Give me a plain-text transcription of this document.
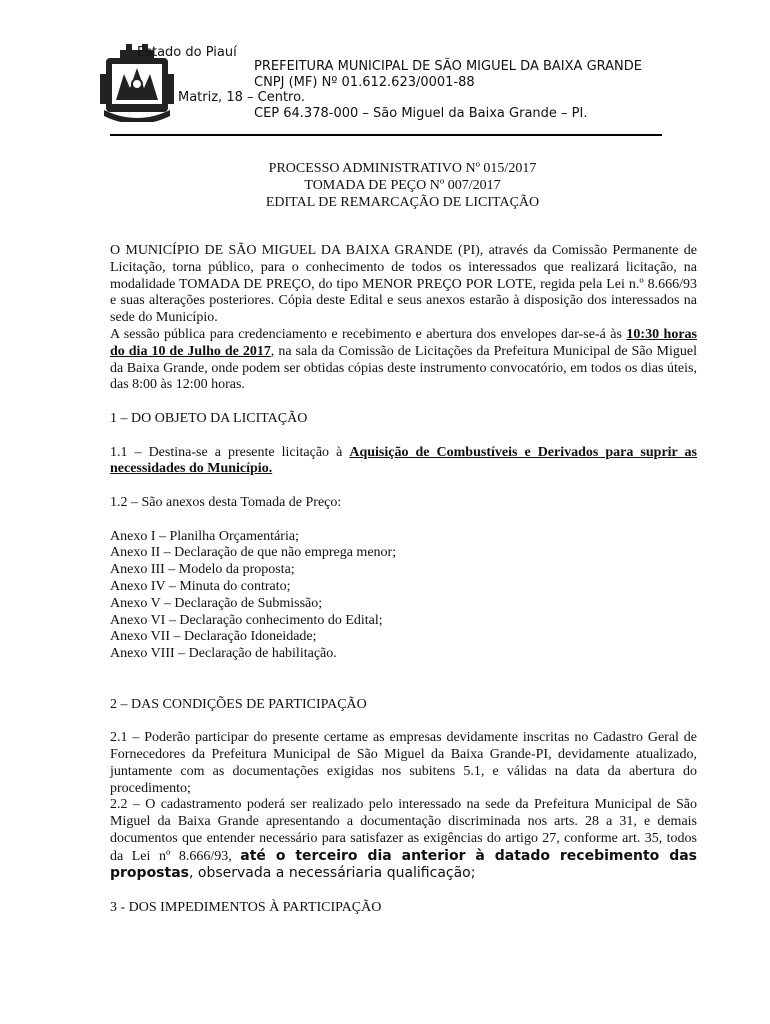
Estado do Piauí
PREFEITURA MUNICIPAL DE SÃO MIGUEL DA BAIXA GRANDE
CNPJ (MF) Nº 01.612.623/0001-88
Matriz, 18 – Centro.
CEP 64.378-000 – São Miguel da Baixa Grande – PI.
PROCESSO ADMINISTRATIVO Nº 015/2017
TOMADA DE PEÇO Nº 007/2017
EDITAL DE REMARCAÇÃO DE LICITAÇÃO

O MUNICÍPIO DE SÃO MIGUEL DA BAIXA GRANDE (PI), através da Comissão Permanente de Licitação, torna público, para o conhecimento de todos os interessados que realizará licitação, na modalidade TOMADA DE PREÇO, do tipo MENOR PREÇO POR LOTE, regida pela Lei n.º 8.666/93 e suas alterações posteriores. Cópia deste Edital e seus anexos estarão à disposição dos interessados na sede do Município.

A sessão pública para credenciamento e recebimento e abertura dos envelopes dar-se-á às 10:30 horas do dia 10 de Julho de 2017, na sala da Comissão de Licitações da Prefeitura Municipal de São Miguel da Baixa Grande, onde podem ser obtidas cópias deste instrumento convocatório, em todos os dias úteis, das 8:00 às 12:00 horas.

1 – DO OBJETO DA LICITAÇÃO

1.1 – Destina-se a presente licitação à Aquisição de Combustíveis e Derivados para suprir as necessidades do Município.

1.2 – São anexos desta Tomada de Preço:

Anexo I – Planilha Orçamentária;

Anexo II – Declaração de que não emprega menor;

Anexo III – Modelo da proposta;

Anexo IV – Minuta do contrato;

Anexo V – Declaração de Submissão;

Anexo VI – Declaração conhecimento do Edital;

Anexo VII – Declaração Idoneidade;

Anexo VIII – Declaração de habilitação.

2 – DAS CONDIÇÕES DE PARTICIPAÇÃO

2.1 – Poderão participar do presente certame as empresas devidamente inscritas no Cadastro Geral de Fornecedores da Prefeitura Municipal de São Miguel da Baixa Grande-PI, devidamente atualizado, juntamente com as documentações exigidas nos subitens 5.1, e válidas na data da abertura do procedimento;

2.2 – O cadastramento poderá ser realizado pelo interessado na sede da Prefeitura Municipal de São Miguel da Baixa Grande apresentando a documentação discriminada nos arts. 28 a 31, e demais documentos que entender necessário para satisfazer as exigências do artigo 27, conforme art. 35, todos da Lei nº 8.666/93, até o terceiro dia anterior à datado recebimento das propostas, observada a necessáriaria qualificação;

3 - DOS IMPEDIMENTOS À PARTICIPAÇÃO
